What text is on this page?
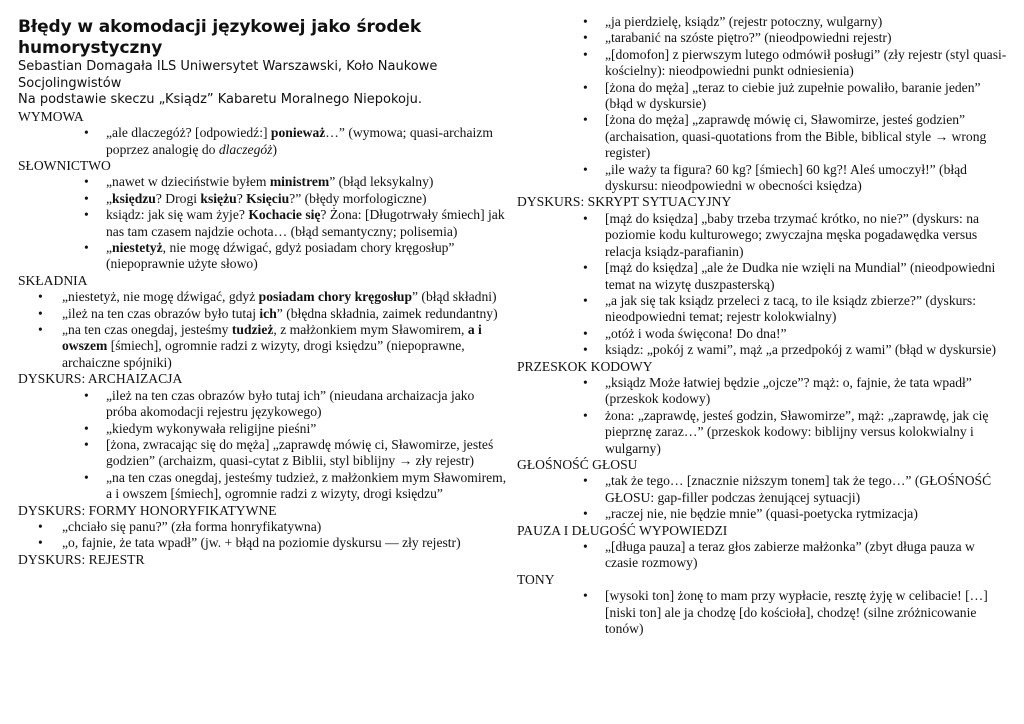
Błędy w akomodacji językowej jako środek humorystyczny
Sebastian Domagała ILS Uniwersytet Warszawski, Koło Naukowe Socjolingwistów
Na podstawie skeczu „Ksiądz” Kabaretu Moralnego Niepokoju.
WYMOWA
• „ale dlaczegóż? [odpowiedź:] ponieważ…” (wymowa; quasi-archaizm poprzez analogię do dlaczegóż)
SŁOWNICTWO
• „nawet w dzieciństwie byłem ministrem” (błąd leksykalny)
• „księdzu? Drogi księżu? Księciu?” (błędy morfologiczne)
• ksiądz: jak się wam żyje? Kochacie się? Żona: [Długotrwały śmiech] jak nas tam czasem najdzie ochota… (błąd semantyczny; polisemia)
• „niestetyż, nie mogę dźwigać, gdyż posiadam chory kręgosłup” (niepoprawnie użyte słowo)
SKŁADNIA
• „niestetyż, nie mogę dźwigać, gdyż posiadam chory kręgosłup” (błąd składni)
• „ileż na ten czas obrazów było tutaj ich” (błędna składnia, zaimek redundantny)
• „na ten czas onegdaj, jesteśmy tudzież, z małżonkiem mym Sławomirem, a i owszem [śmiech], ogromnie radzi z wizyty, drogi księdzu” (niepoprawne, archaiczne spójniki)
DYSKURS: ARCHAIZACJA
• „ileż na ten czas obrazów było tutaj ich” (nieudana archaizacja jako próba akomodacji rejestru językowego)
• „kiedym wykonywała religijne pieśni”
• [żona, zwracając się do męża] „zaprawdę mówię ci, Sławomirze, jesteś godzien” (archaizm, quasi-cytat z Biblii, styl biblijny → zły rejestr)
• „na ten czas onegdaj, jesteśmy tudzież, z małżonkiem mym Sławomirem, a i owszem [śmiech], ogromnie radzi z wizyty, drogi księdzu”
DYSKURS: FORMY HONORYFIKATYWNE
• „chciało się panu?” (zła forma honryfikatywna)
• „o, fajnie, że tata wpadł” (jw. + błąd na poziomie dyskursu — zły rejestr)
DYSKURS: REJESTR
• „ja pierdzielę, ksiądz” (rejestr potoczny, wulgarny)
• „tarabanić na szóste piętro?” (nieodpowiedni rejestr)
• „[domofon] z pierwszym lutego odmówił posługi” (zły rejestr (styl quasi-kościelny): nieodpowiedni punkt odniesienia)
• [żona do męża] „teraz to ciebie już zupełnie powaliło, baranie jeden” (błąd w dyskursie)
• [żona do męża] „zaprawdę mówię ci, Sławomirze, jesteś godzien” (archaisation, quasi-quotations from the Bible, biblical style → wrong register)
• „ile waży ta figura? 60 kg? [śmiech] 60 kg?! Aleś umoczył!” (błąd dyskursu: nieodpowiedni w obecności księdza)
DYSKURS: SKRYPT SYTUACYJNY
• [mąż do księdza] „baby trzeba trzymać krótko, no nie?” (dyskurs: na poziomie kodu kulturowego; zwyczajna męska pogadawędka versus relacja ksiądz-parafianin)
• [mąż do księdza] „ale że Dudka nie wzięli na Mundial” (nieodpowiedni temat na wizytę duszpasterską)
• „a jak się tak ksiądz przeleci z tacą, to ile ksiądz zbierze?” (dyskurs: nieodpowiedni temat; rejestr kolokwialny)
• „otóż i woda święcona! Do dna!”
• ksiądz: „pokój z wami”, mąż „a przedpokój z wami” (błąd w dyskursie)
PRZESKOK KODOWY
• „ksiądz Może łatwiej będzie „ojcze”? mąż: o, fajnie, że tata wpadł” (przeskok kodowy)
• żona: „zaprawdę, jesteś godzin, Sławomirze”, mąż: „zaprawdę, jak cię pieprznę zaraz…” (przeskok kodowy: biblijny versus kolokwialny i wulgarny)
GŁOŚNOŚĆ GŁOSU
• „tak że tego… [znacznie niższym tonem] tak że tego…” (GŁOŚNOŚĆ GŁOSU: gap-filler podczas żenującej sytuacji)
• „raczej nie, nie będzie mnie” (quasi-poetycka rytmizacja)
PAUZA I DŁUGOŚĆ WYPOWIEDZI
• „[długa pauza] a teraz głos zabierze małżonka” (zbyt długa pauza w czasie rozmowy)
TONY
• [wysoki ton] żonę to mam przy wypłacie, resztę żyję w celibacie! […] [niski ton] ale ja chodzę [do kościoła], chodzę! (silne zróżnicowanie tonów)
